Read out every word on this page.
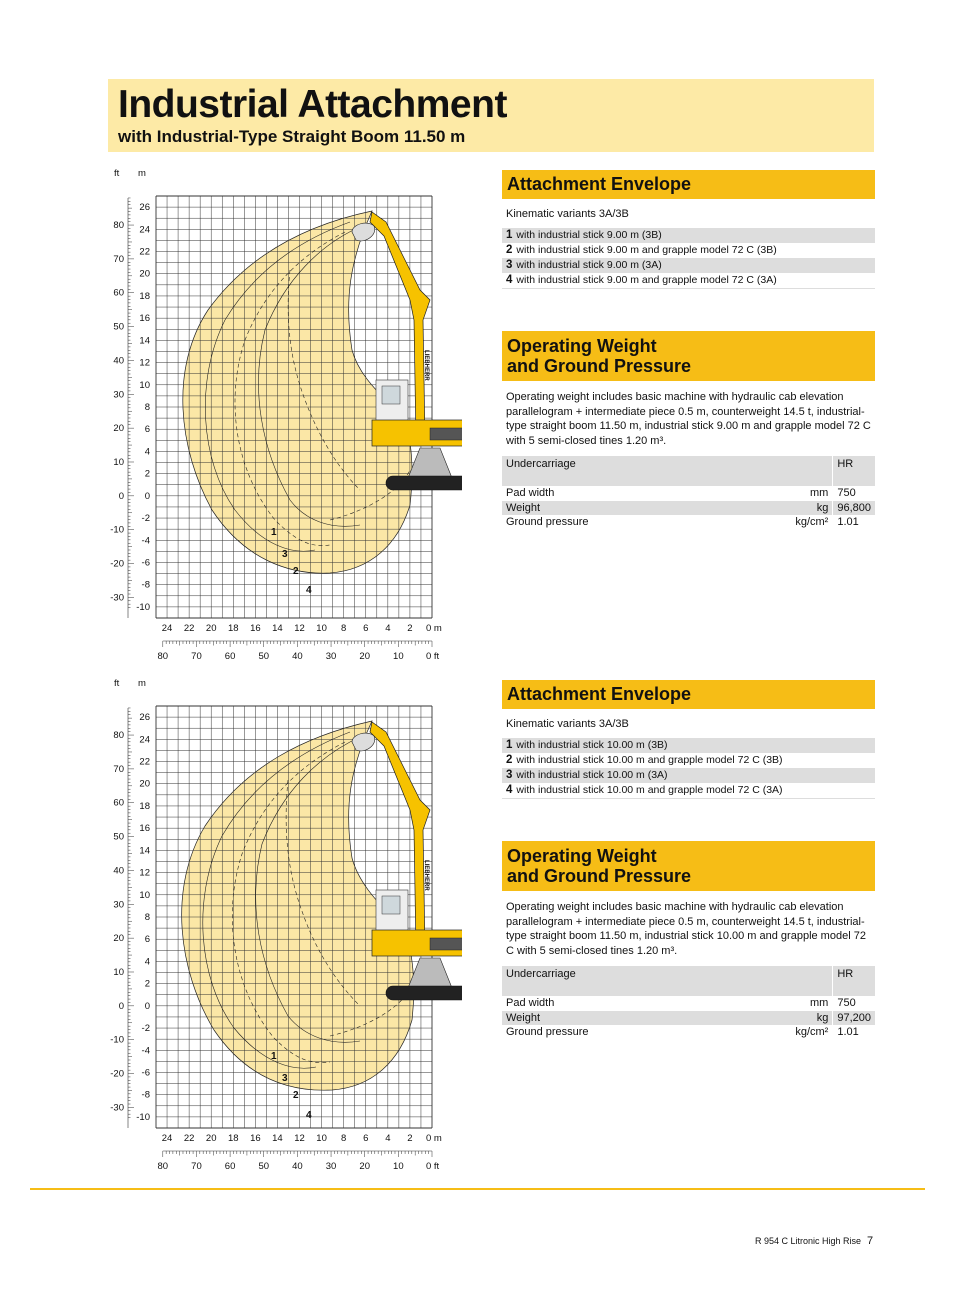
Industrial Attachment
with Industrial-Type Straight Boom 11.50 m
1
3
2
4
LIEBHERR
ft m
0 m
0 ft
26
24
22
20
18
16
14
12
10
8
6
4
2
0
-2
-4
-6
-8
-10
80
70
60
50
40
30
20
10
0
-10
-20
-30
24 22 20 18 16 14 12 10 8 6 4 2
80 70 60 50 40 30 20 10
1
3
2
4
LIEBHERR
ft m
0 m
0 ft
26
24
22
20
18
16
14
12
10
8
6
4
2
0
-2
-4
-6
-8
-10
80
70
60
50
40
30
20
10
0
-10
-20
-30
24 22 20 18 16 14 12 10 8 6 4 2
80 70 60 50 40 30 20 10
Attachment Envelope
Kinematic variants 3A/3B
1 with industrial stick 9.00 m (3B)
2 with industrial stick 9.00 m and grapple model 72 C (3B)
3 with industrial stick 9.00 m (3A)
4 with industrial stick 9.00 m and grapple model 72 C (3A)
Operating Weight
and Ground Pressure
Operating weight includes basic machine with hydraulic cab elevation parallelogram + intermediate piece 0.5 m, counterweight 14.5 t, industrial-type straight boom 11.50 m, industrial stick 9.00 m and grapple model 72 C with 5 semi-closed tines 1.20 m³.
Undercarriage		HR
Pad width	mm	750
Weight	kg	96,800
Ground pressure	kg/cm²	1.01
Attachment Envelope
Kinematic variants 3A/3B
1 with industrial stick 10.00 m (3B)
2 with industrial stick 10.00 m and grapple model 72 C (3B)
3 with industrial stick 10.00 m (3A)
4 with industrial stick 10.00 m and grapple model 72 C (3A)
Operating Weight
and Ground Pressure
Operating weight includes basic machine with hydraulic cab elevation parallelogram + intermediate piece 0.5 m, counterweight 14.5 t, industrial-type straight boom 11.50 m, industrial stick 10.00 m and grapple model 72 C with 5 semi-closed tines 1.20 m³.
Undercarriage		HR
Pad width	mm	750
Weight	kg	97,200
Ground pressure	kg/cm²	1.01
R 954 C Litronic High Rise 7
